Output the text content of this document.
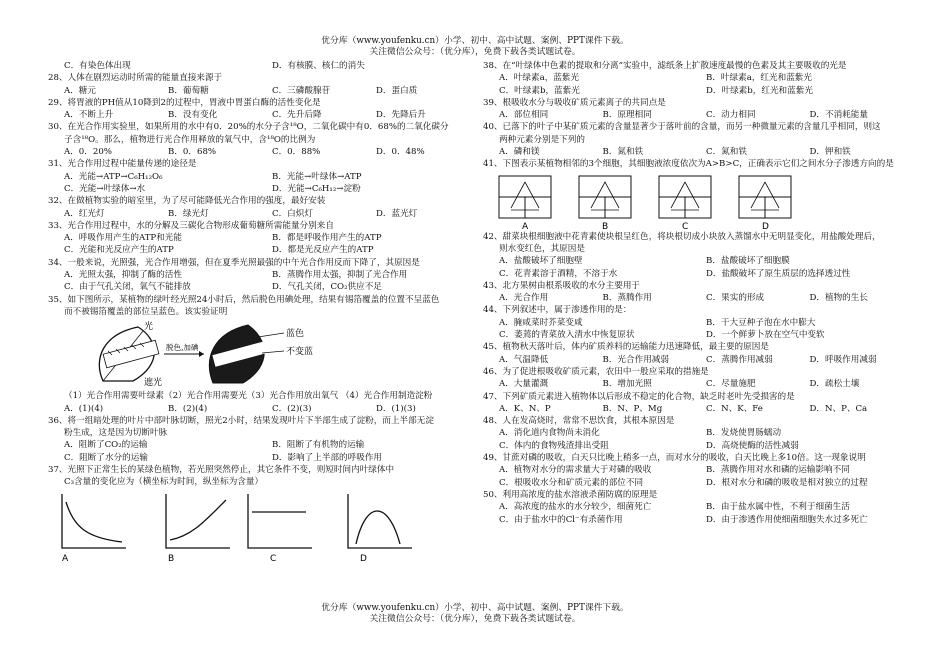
优分库（www.youfenku.cn）小学、初中、高中试题、案例、PPT课件下载。
关注微信公众号：（优分库），免费下载各类试题试卷。
C．有染色体出现	D．有核膜、核仁的消失
28、人体在剧烈运动时所需的能量直接来源于
A．糖元	B．葡萄糖	C．三磷酸腺苷	D．蛋白质
29、将胃液的PH值从10降到2的过程中，胃液中胃蛋白酶的活性变化是
A．不断上升	B．没有变化	C．先升后降	D．先降后升
30、在光合作用实验里，如果所用的水中有0．20%的水分子含¹⁸O，二氧化碳中有0．68%的二氧化碳分
子含¹⁸O。那么，植物进行光合作用释放的氧气中，含¹⁸O的比例为
A．0．20%	B．0．68%	C．0．88%	D．0．48%
31、光合作用过程中能量传递的途径是
A．光能→ATP→C₆H₁₂O₆	B．光能→叶绿体→ATP
C．光能→叶绿体→水	D．光能→C₆H₁₂→淀粉
32、在做植物实验的暗室里，为了尽可能降低光合作用的强度，最好安装
A．红光灯	B．绿光灯	C．白炽灯	D．蓝光灯
33、光合作用过程中，水的分解及三碳化合物形成葡萄糖所需能量分别来自
A．呼吸作用产生的ATP和光能	B．都是呼吸作用产生的ATP
C．光能和光反应产生的ATP	D．都是光反应产生的ATP
34、一般来说，光照强，光合作用增强，但在夏季光照最强的中午光合作用反而下降了，其原因是
A．光照太强，抑制了酶的活性	B．蒸腾作用太强，抑制了光合作用
C．由于气孔关闭，氧气不能排放	D．气孔关闭，CO₂供应不足
35、如下图所示，某植物的绿叶经光照24小时后，然后脱色用碘处理，结果有锡箔覆盖的位置不呈蓝色
而不被锡箔覆盖的部位呈蓝色。该实验证明
光
遮光
脱色,加碘
蓝色
不变蓝
（1）光合作用需要叶绿素（2）光合作用需要光（3）光合作用放出氧气 （4）光合作用制造淀粉
A．(1)(4)	B．(2)(4)	C．(2)(3)	D．(1)(3)
36、将一组暗处理的叶片中部叶脉切断，照光2小时，结果发现叶片下半部生成了淀粉，而上半部无淀
粉生成，这是因为切断叶脉
A．阻断了CO₂的运输	B．阻断了有机物的运输
C．阻断了水分的运输	D．影响了上半部的呼吸作用
37、光照下正常生长的某绿色植物，若光照突然停止，其它条件不变，则短时间内叶绿体中
C₃含量的变化应为（横坐标为时间，纵坐标为含量）
A	B	C	D
38、在“叶绿体中色素的提取和分离”实验中，滤纸条上扩散速度最慢的色素及其主要吸收的光是
A．叶绿素a，蓝紫光	B．叶绿素a，红光和蓝紫光
C．叶绿素b，蓝紫光	D．叶绿素b，红光和蓝紫光
39、根吸收水分与吸收矿质元素离子的共同点是
A．部位相同	B．原理相同	C．动力相同	D．不消耗能量
40、已落下的叶子中某矿质元素的含量显著少于落叶前的含量，而另一种微量元素的含量几乎相同，则这
两种元素分别是下列的
A．磷和镁	B．氮和铁	C．氮和铁	D．钾和铁
41、下图表示某植物相邻的3个细胞，其细胞液浓度依次为A>B>C，正确表示它们之间水分子渗透方向的是
A	B	C	D
42、甜菜块根细胞液中花青素使块根呈红色，将块根切成小块放入蒸馏水中无明显变化，用盐酸处理后，
则水变红色，其原因是
A．盐酸破坏了细胞壁	B．盐酸破坏了细胞膜
C．花青素溶于酒精，不溶于水	D．盐酸破坏了原生质层的选择透过性
43、北方果树由根系吸收的水分主要用于
A．光合作用	B．蒸腾作用	C．果实的形成	D．植物的生长
44、下列叙述中，属于渗透作用的是：
A．腌咸菜时芥菜变咸	B．干大豆种子泡在水中膨大
C．萎蔫的青菜放入清水中恢复原状	D．一个鲜萝卜放在空气中变软
45、植物秋天落叶后，体内矿质养料的运输能力迅速降低，最主要的原因是
A．气温降低	B．光合作用减弱	C．蒸腾作用减弱	D．呼吸作用减弱
46、为了促进根吸收矿质元素，农田中一般应采取的措施是
A．大量灌溉	B．增加光照	C．尽量施肥	D．疏松土壤
47、下列矿质元素进入植物体以后形成不稳定的化合物，缺乏时老叶先受损害的是
A．K、N、P	B．N、P、Mg	C．N、K、Fe	D．N、P、Ca
48、人在发高烧时，常常不思饮食，其根本原因是
A．消化道内食物尚未消化	B．发烧使胃肠蠕动
C．体内的食物残渣排出受阻	D．高烧使酶的活性减弱
49、甘蔗对磷的吸收，白天只比晚上稍多一点，而对水分的吸收，白天比晚上多10倍。这一现象说明
A．植物对水分的需求量大于对磷的吸收	B．蒸腾作用对水和磷的运输影响不同
C．根吸收水分和矿质元素的部位不同	D．根对水分和磷的吸收是相对独立的过程
50、利用高浓度的盐水溶液杀菌防腐的原理是
A．高浓度的盐水的水分较少，细菌死亡	B．由于盐水属中性，不利于细菌生活
C．由于盐水中的Cl⁻有杀菌作用	D．由于渗透作用使细菌细胞失水过多死亡
优分库（www.youfenku.cn）小学、初中、高中试题、案例、PPT课件下载。
关注微信公众号：（优分库），免费下载各类试题试卷。
